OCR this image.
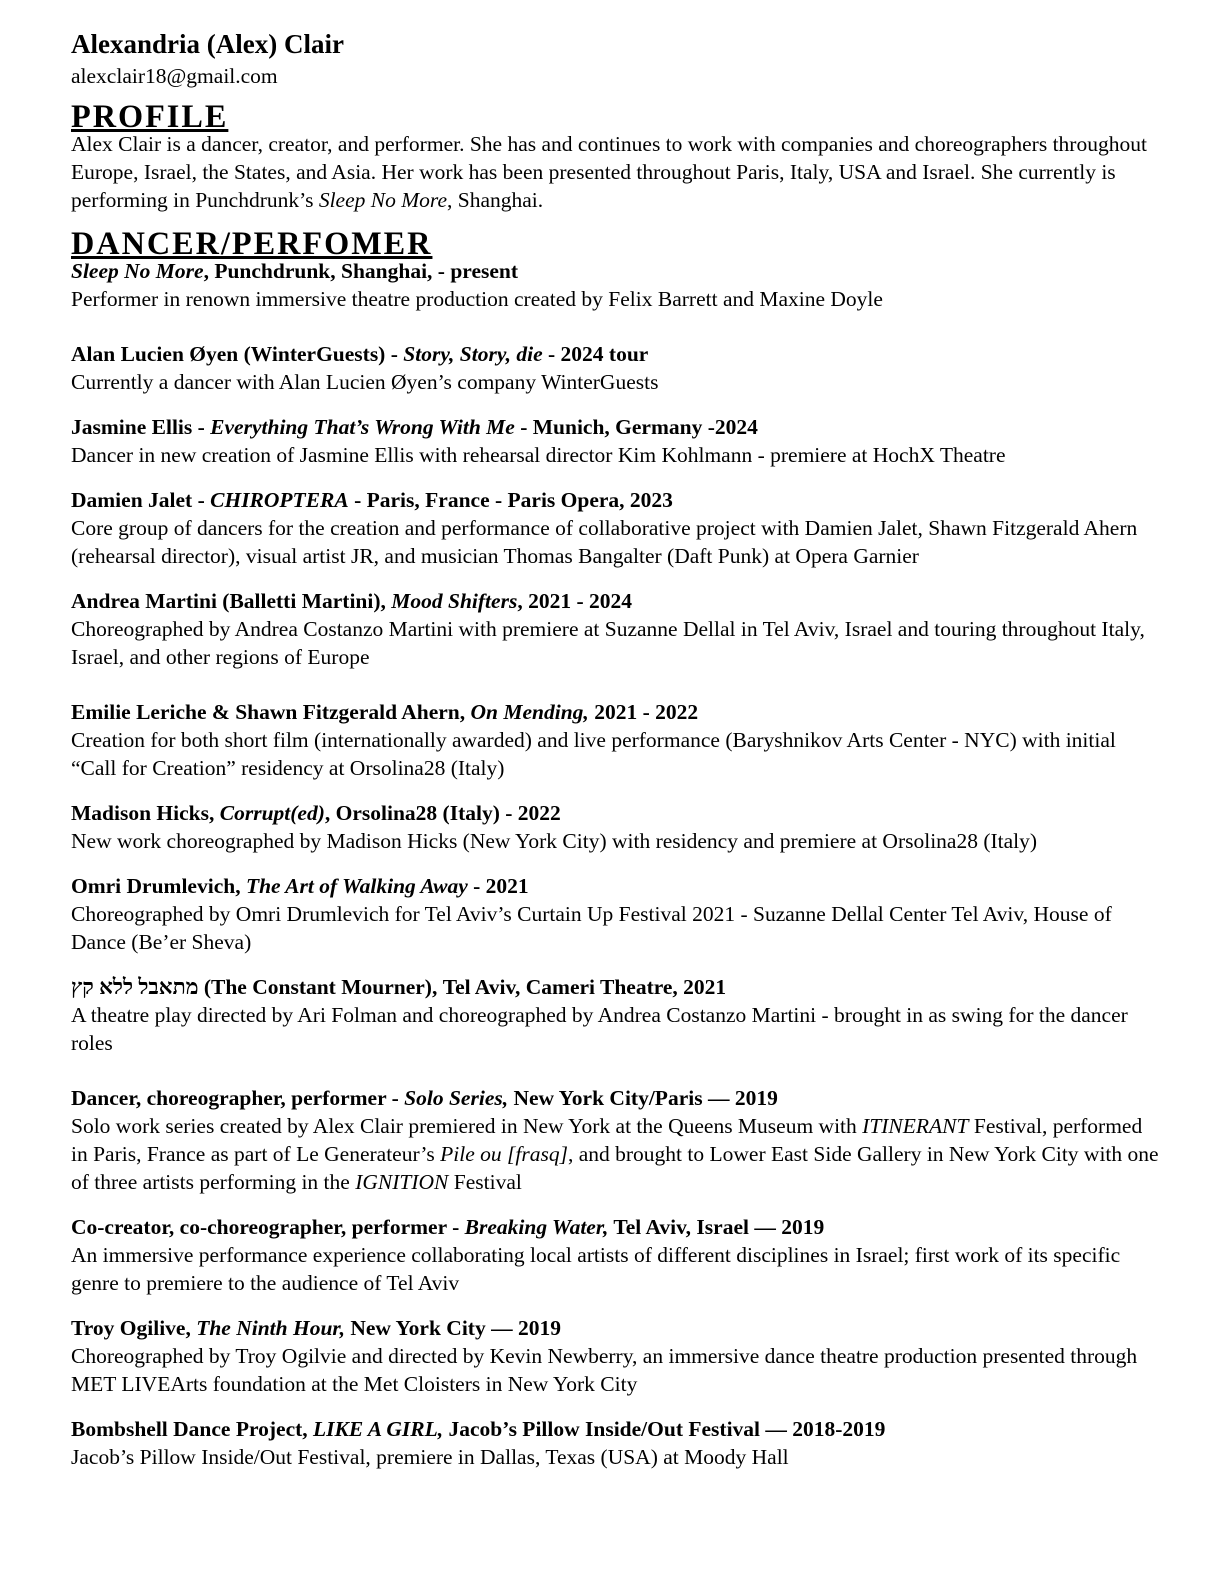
Alexandria (Alex) Clair

alexclair18@gmail.com

PROFILE

Alex Clair is a dancer, creator, and performer. She has and continues to work with companies and choreographers throughout Europe, Israel, the States, and Asia. Her work has been presented throughout Paris, Italy, USA and Israel. She currently is performing in Punchdrunk’s Sleep No More, Shanghai.

DANCER/PERFOMER

Sleep No More, Punchdrunk, Shanghai, - present

Performer in renown immersive theatre production created by Felix Barrett and Maxine Doyle

Alan Lucien Øyen (WinterGuests) - Story, Story, die - 2024 tour

Currently a dancer with Alan Lucien Øyen’s company WinterGuests

Jasmine Ellis - Everything That’s Wrong With Me - Munich, Germany -2024

Dancer in new creation of Jasmine Ellis with rehearsal director Kim Kohlmann - premiere at HochX Theatre

Damien Jalet - CHIROPTERA - Paris, France - Paris Opera, 2023

Core group of dancers for the creation and performance of collaborative project with Damien Jalet, Shawn Fitzgerald Ahern (rehearsal director), visual artist JR, and musician Thomas Bangalter (Daft Punk) at Opera Garnier

Andrea Martini (Balletti Martini), Mood Shifters, 2021 - 2024

Choreographed by Andrea Costanzo Martini with premiere at Suzanne Dellal in Tel Aviv, Israel and touring throughout Italy, Israel, and other regions of Europe

Emilie Leriche & Shawn Fitzgerald Ahern, On Mending, 2021 - 2022

Creation for both short film (internationally awarded) and live performance (Baryshnikov Arts Center - NYC) with initial “Call for Creation” residency at Orsolina28 (Italy)

Madison Hicks, Corrupt(ed), Orsolina28 (Italy) - 2022

New work choreographed by Madison Hicks (New York City) with residency and premiere at Orsolina28 (Italy)

Omri Drumlevich, The Art of Walking Away - 2021

Choreographed by Omri Drumlevich for Tel Aviv’s Curtain Up Festival 2021 - Suzanne Dellal Center Tel Aviv, House of Dance (Be’er Sheva)

מתאבל ללא קץ (The Constant Mourner), Tel Aviv, Cameri Theatre, 2021

A theatre play directed by Ari Folman and choreographed by Andrea Costanzo Martini - brought in as swing for the dancer roles

Dancer, choreographer, performer - Solo Series, New York City/Paris — 2019

Solo work series created by Alex Clair premiered in New York at the Queens Museum with ITINERANT Festival, performed in Paris, France as part of Le Generateur’s Pile ou [frasq], and brought to Lower East Side Gallery in New York City with one of three artists performing in the IGNITION Festival

Co-creator, co-choreographer, performer - Breaking Water, Tel Aviv, Israel — 2019

An immersive performance experience collaborating local artists of different disciplines in Israel; first work of its specific genre to premiere to the audience of Tel Aviv

Troy Ogilive, The Ninth Hour, New York City — 2019

Choreographed by Troy Ogilvie and directed by Kevin Newberry, an immersive dance theatre production presented through MET LIVEArts foundation at the Met Cloisters in New York City

Bombshell Dance Project, LIKE A GIRL, Jacob’s Pillow Inside/Out Festival — 2018-2019

Jacob’s Pillow Inside/Out Festival, premiere in Dallas, Texas (USA) at Moody Hall
